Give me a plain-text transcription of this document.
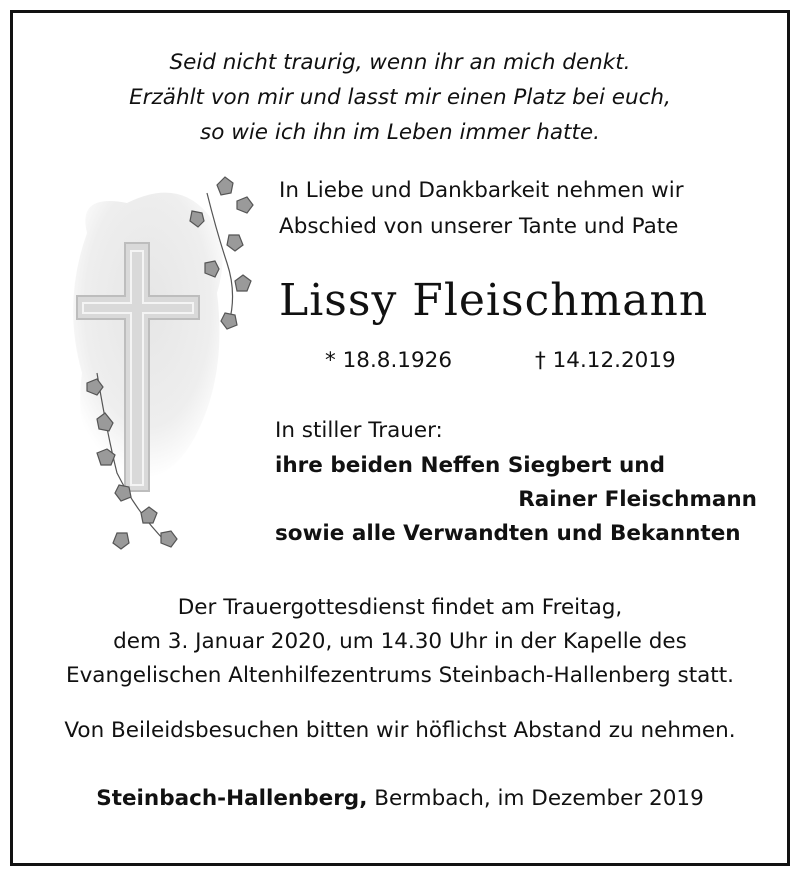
Seid nicht traurig, wenn ihr an mich denkt.
Erzählt von mir und lasst mir einen Platz bei euch,
so wie ich ihn im Leben immer hatte.
In Liebe und Dankbarkeit nehmen wir
Abschied von unserer Tante und Pate
Lissy Fleischmann
* 18.8.1926	† 14.12.2019
In stiller Trauer:
ihre beiden Neffen Siegbert und
Rainer Fleischmann
sowie alle Verwandten und Bekannten
Der Trauergottesdienst findet am Freitag,
dem 3. Januar 2020, um 14.30 Uhr in der Kapelle des
Evangelischen Altenhilfezentrums Steinbach-Hallenberg statt.
Von Beileidsbesuchen bitten wir höflichst Abstand zu nehmen.
Steinbach-Hallenberg, Bermbach, im Dezember 2019
